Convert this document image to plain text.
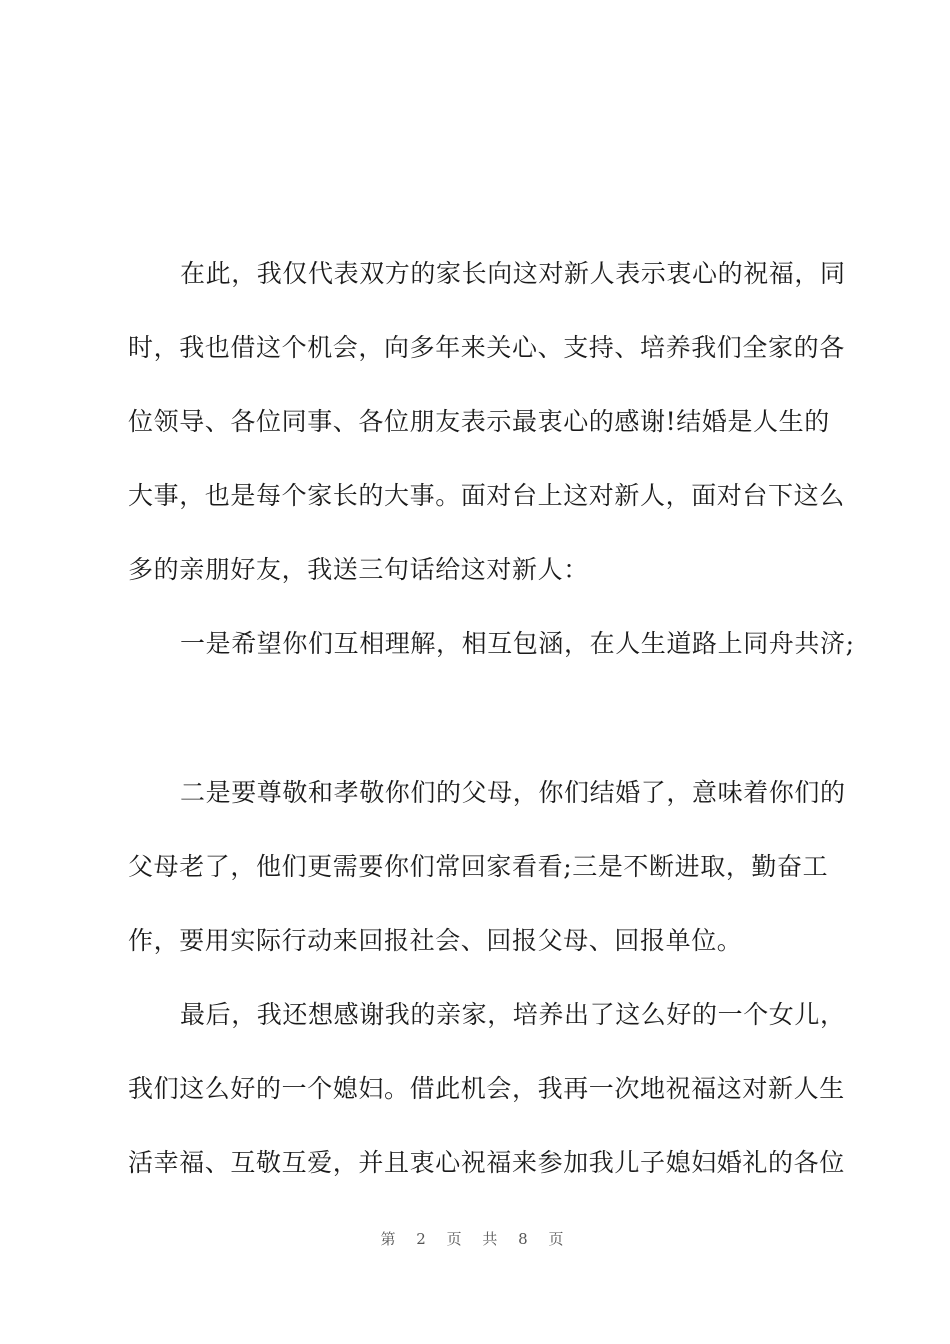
在此，我仅代表双方的家长向这对新人表示衷心的祝福，同
时，我也借这个机会，向多年来关心、支持、培养我们全家的各
位领导、各位同事、各位朋友表示最衷心的感谢!结婚是人生的
大事，也是每个家长的大事。面对台上这对新人，面对台下这么
多的亲朋好友，我送三句话给这对新人：
一是希望你们互相理解，相互包涵，在人生道路上同舟共济;
二是要尊敬和孝敬你们的父母，你们结婚了，意味着你们的
父母老了，他们更需要你们常回家看看;三是不断进取，勤奋工
作，要用实际行动来回报社会、回报父母、回报单位。
最后，我还想感谢我的亲家，培养出了这么好的一个女儿，
我们这么好的一个媳妇。借此机会，我再一次地祝福这对新人生
活幸福、互敬互爱，并且衷心祝福来参加我儿子媳妇婚礼的各位
第 2 页 共 8 页
